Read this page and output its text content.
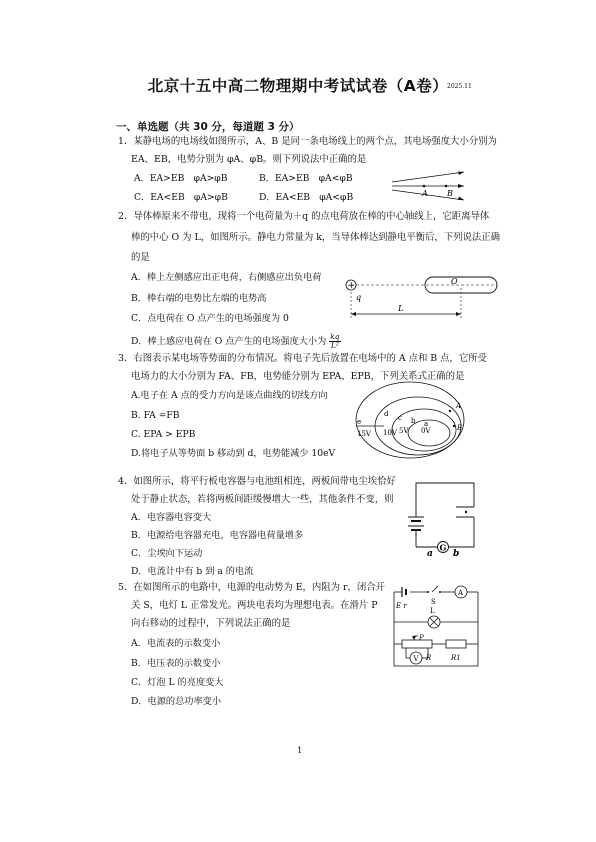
北京十五中高二物理期中考试试卷（A卷）
2025.11
一、单选题（共 30 分，每道题 3 分）
1．某静电场的电场线如图所示，A、B 是同一条电场线上的两个点，其电场强度大小分别为
EA、EB，电势分别为 φA、φB。则下列说法中正确的是
A．EA>EB　φA>φB	B．EA>EB　φA<φB
C．EA<EB　φA>φB	D．EA<EB　φA<φB	A B
2．导体棒原来不带电，现将一个电荷量为＋q 的点电荷放在棒的中心轴线上，它距离导体
棒的中心 O 为 L，如图所示。静电力常量为 k，当导体棒达到静电平衡后，下列说法正确
的是
A．棒上左侧感应出正电荷，右侧感应出负电荷
B．棒右端的电势比左端的电势高
C．点电荷在 O 点产生的电场强度为 0
D．棒上感应电荷在 O 点产生的电场强度大小为 $\frac{kq}{\text{L²}}$
+
q
O
L
3．右图表示某电场等势面的分布情况。将电子先后放置在电场中的 A 点和 B 点，它所受
电场力的大小分别为 FA、FB，电势能分别为 EPA、EPB，下列关系式正确的是
A.电子在 A 点的受力方向是该点曲线的切线方向
B. FA =FB
C. EPA > EPB
D.将电子从等势面 b 移动到 d，电势能减少 10eV
A
B
e
d c b a
15V 10V 5V 0V
4．如图所示，将平行板电容器与电池组相连，两板间带电尘埃恰好
处于静止状态，若将两板间距缓慢增大一些，其他条件不变，则
A．电容器电容变大
B．电源给电容器充电，电容器电荷量增多
C．尘埃向下运动
D．电流计中有 b 到 a 的电流
G
a b
5．在如图所示的电路中，电源的电动势为 E，内阻为 r，闭合开
关 S，电灯 L 正常发光。两块电表均为理想电表。在滑片 P
向右移动的过程中，下列说法正确的是
A．电流表的示数变小
B．电压表的示数变小
C．灯泡 L 的亮度变大
D．电源的总功率变小
A
V
E r	S
L
P
R	R1
1
